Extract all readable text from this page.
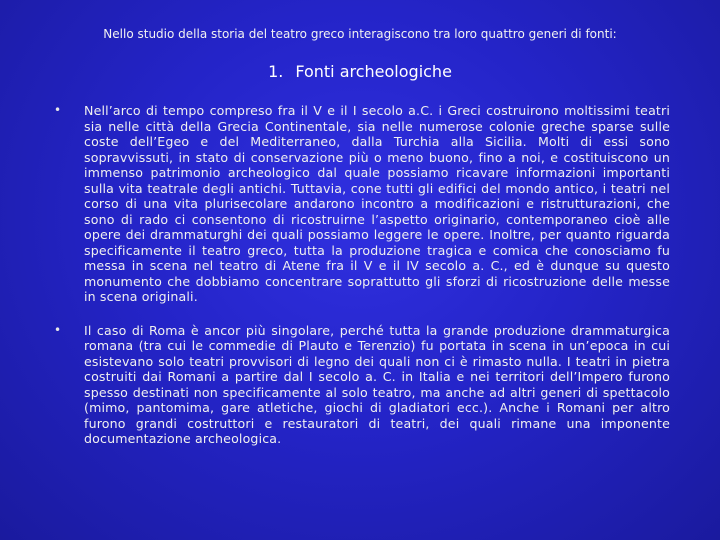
Nello studio della storia del teatro greco interagiscono tra loro quattro generi di fonti:
1. Fonti archeologiche
• Nell’arco di tempo compreso fra il V e il I secolo a.C. i Greci costruirono moltissimi teatri sia nelle città della Grecia Continentale, sia nelle numerose colonie greche sparse sulle coste dell’Egeo e del Mediterraneo, dalla Turchia alla Sicilia. Molti di essi sono sopravvissuti, in stato di conservazione più o meno buono, fino a noi, e costituiscono un immenso patrimonio archeologico dal quale possiamo ricavare informazioni importanti sulla vita teatrale degli antichi. Tuttavia, cone tutti gli edifici del mondo antico, i teatri nel corso di una vita plurisecolare andarono incontro a modificazioni e ristrutturazioni, che sono di rado ci consentono di ricostruirne l’aspetto originario, contemporaneo cioè alle opere dei drammaturghi dei quali possiamo leggere le opere. Inoltre, per quanto riguarda specificamente il teatro greco, tutta la produzione tragica e comica che conosciamo fu messa in scena nel teatro di Atene fra il V e il IV secolo a. C., ed è dunque su questo monumento che dobbiamo concentrare soprattutto gli sforzi di ricostruzione delle messe in scena originali.
• Il caso di Roma è ancor più singolare, perché tutta la grande produzione drammaturgica romana (tra cui le commedie di Plauto e Terenzio) fu portata in scena in un’epoca in cui esistevano solo teatri provvisori di legno dei quali non ci è rimasto nulla. I teatri in pietra costruiti dai Romani a partire dal I secolo a. C. in Italia e nei territori dell’Impero furono spesso destinati non specificamente al solo teatro, ma anche ad altri generi di spettacolo (mimo, pantomima, gare atletiche, giochi di gladiatori ecc.). Anche i Romani per altro furono grandi costruttori e restauratori di teatri, dei quali rimane una imponente documentazione archeologica.
